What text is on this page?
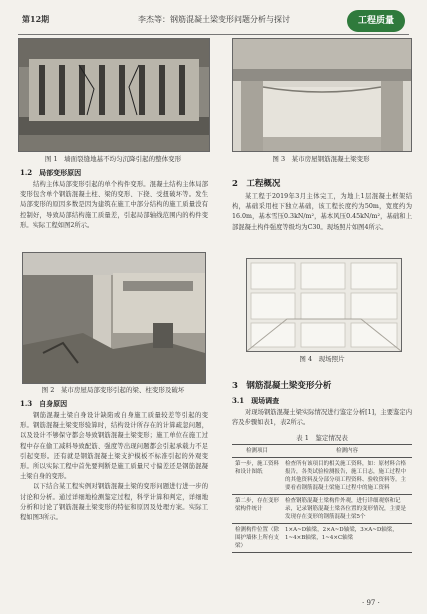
第12期	李杰等：钢筋混凝土梁变形问题分析与探讨	工程质量
图 1　墙面裂缝地基不均匀沉降引起的整体变形
1.2　局部变形原因

结构主体局部变形引起的单个构件变形。混凝土结构主体局部变形包含单个钢筋混凝土柱、梁的变形、下挠、受扭破坏等。发生局部变形的原因多数是因为建筑在施工中部分结构的施工质量没有控制好，导致局部结构施工质量差，引起局部轴线范围内的构件变形。实际工程如图2所示。

图 2　某市房屋局部变形引起的梁、柱变形及破坏
1.3　自身原因

钢筋混凝土梁自身设计缺陷或自身施工质量较差等引起的变形。钢筋混凝土梁变形验算时，结构设计所存在的计算疏忽问题，以及设计不够保守都会导致钢筋混凝土梁变形；施工单位在施工过程中存在偷工减料导致配筋、强度等出现问题都会引起承载力不足引起变形。还有就是钢筋混凝土梁支护模板不标准引起的外观变形。所以实际工程中首先要判断是施工质量尺寸偏差还是钢筋混凝土梁自身的变形。

以下结合某工程实例对钢筋混凝土梁的变形问题进行进一步的讨论和分析。通过详细地检测鉴定过程，科学计算和判定，详细地分析和讨论了钢筋混凝土梁变形的特征和原因及处理方案。实际工程如图3所示。

图 3　某市房屋钢筋混凝土梁变形
2　工程概况

某工程于2019年3月主体完工，为地上1层混凝土框架结构，基础采用柱下独立基础，该工程长度约为50m，宽度约为16.0m，基本雪压0.3kN/m²，基本风压0.45kN/m²，基础和上部混凝土构件强度等级均为C30。现场照片如图4所示。

图 4　现场照片
3　钢筋混凝土梁变形分析
3.1　现场调查

对现场钢筋混凝土梁实际情况进行鉴定分析[1]，主要鉴定内容及步骤如表1，表2所示。

表 1　鉴定情况表
检测项目	检测内容
第一步，施工资料和设计图纸	检查所有该项目的相关施工资料，如：原材料合格报告，各类试验检测报告，施工日志，施工过程中的其他资料及分部分项工程资料、验收资料等。主要看看钢筋混凝土梁施工过程中的施工资料
第二步，存在变形梁构件统计	检查钢筋混凝土梁构件外观，进行详细观察和记录，记录钢筋混凝土梁各位置的变形情况，主要是发现存在变形的钢筋混凝土梁5个
检测构件位置（除围护墙体上所有支梁）	1×A~D轴梁，2×A~D轴梁，3×A~D轴梁，1~4×B轴梁，1~4×C轴梁
· 97 ·
